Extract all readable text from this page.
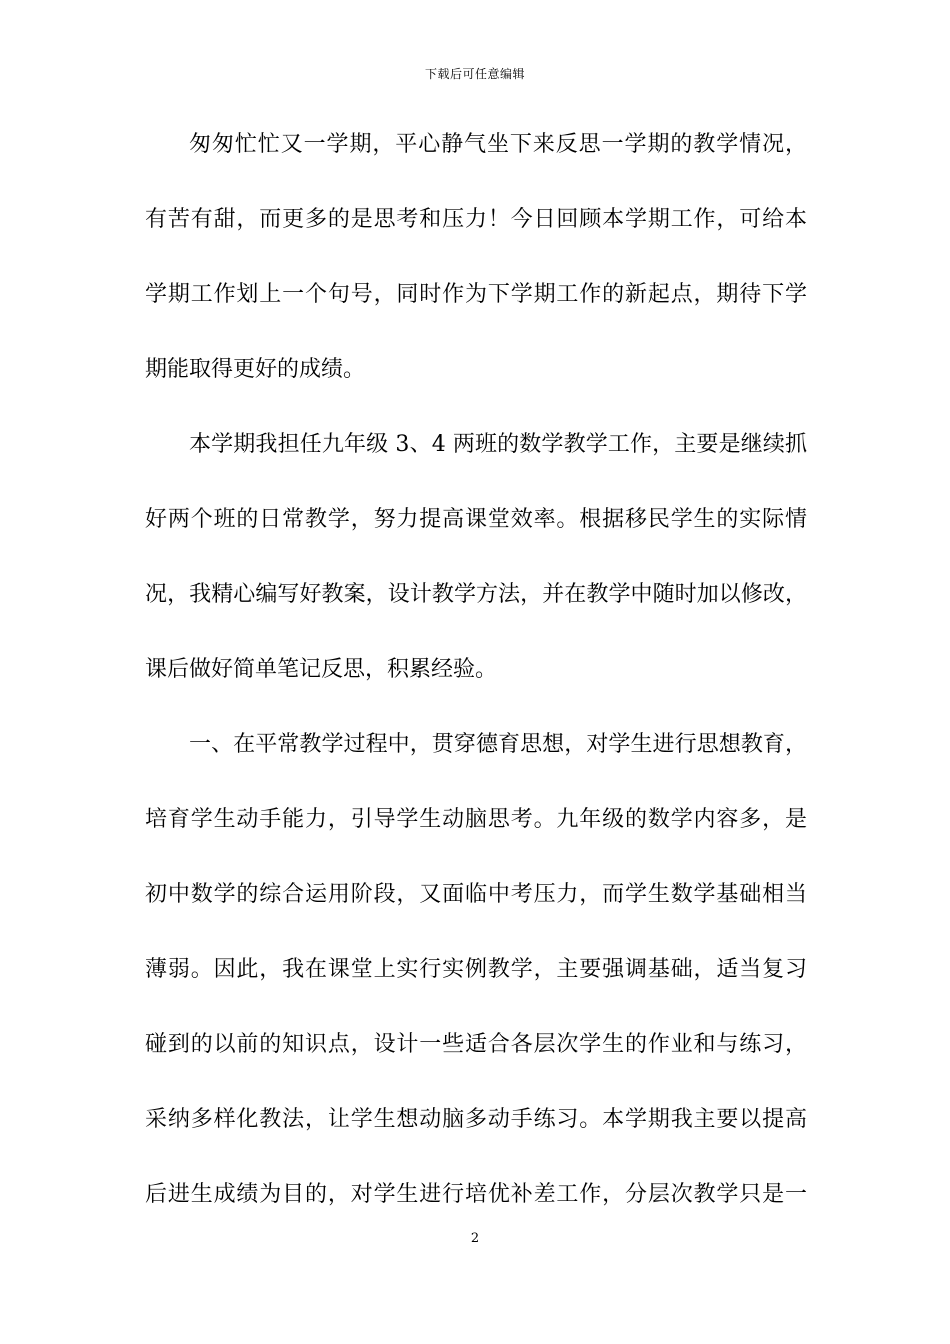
下载后可任意编辑
匆匆忙忙又一学期，平心静气坐下来反思一学期的教学情况，
有苦有甜，而更多的是思考和压力！今日回顾本学期工作，可给本
学期工作划上一个句号，同时作为下学期工作的新起点，期待下学
期能取得更好的成绩。
本学期我担任九年级 3、4 两班的数学教学工作，主要是继续抓
好两个班的日常教学，努力提高课堂效率。根据移民学生的实际情
况，我精心编写好教案，设计教学方法，并在教学中随时加以修改，
课后做好简单笔记反思，积累经验。
一、在平常教学过程中，贯穿德育思想，对学生进行思想教育，
培育学生动手能力，引导学生动脑思考。九年级的数学内容多，是
初中数学的综合运用阶段，又面临中考压力，而学生数学基础相当
薄弱。因此，我在课堂上实行实例教学，主要强调基础，适当复习
碰到的以前的知识点，设计一些适合各层次学生的作业和与练习，
采纳多样化教法，让学生想动脑多动手练习。本学期我主要以提高
后进生成绩为目的，对学生进行培优补差工作，分层次教学只是一
2
